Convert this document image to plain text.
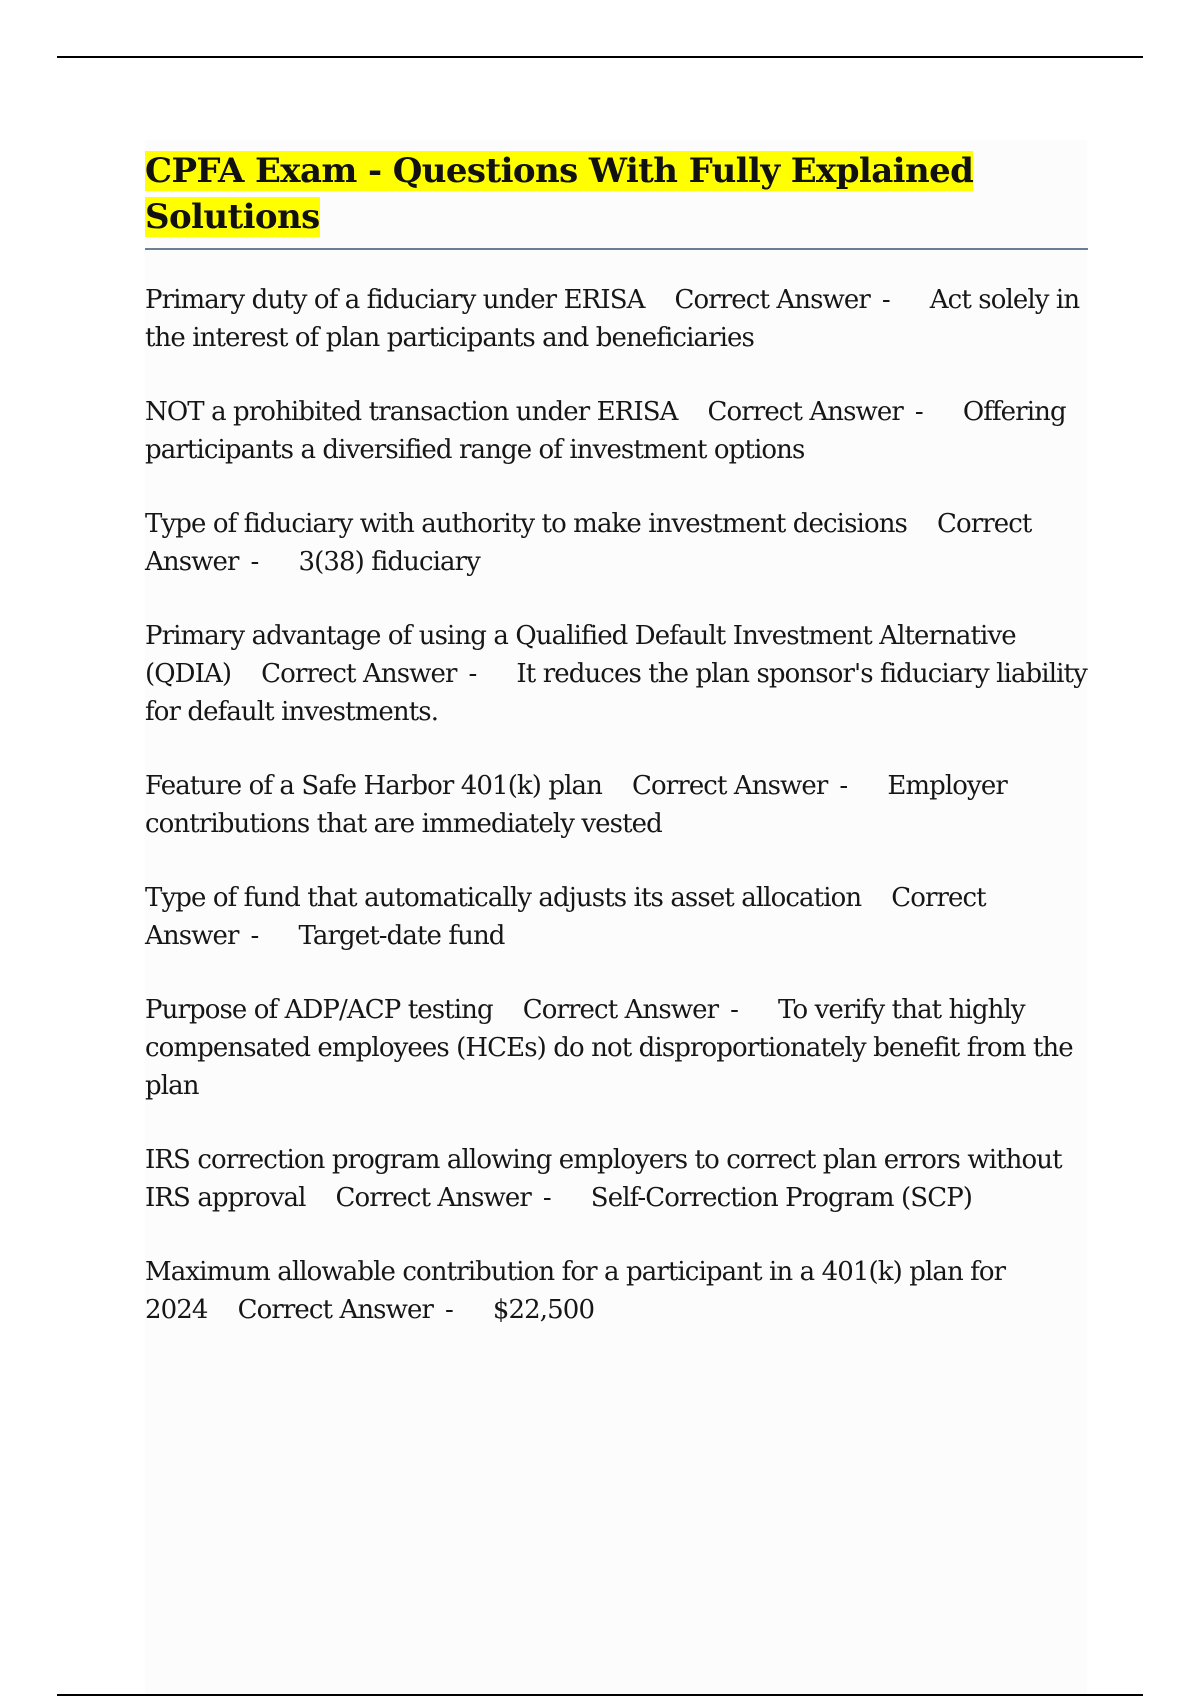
CPFA Exam - Questions With Fully Explained Solutions
Primary duty of a fiduciary under ERISA Correct Answer - Act solely in the interest of plan participants and beneficiaries
NOT a prohibited transaction under ERISA Correct Answer - Offering participants a diversified range of investment options
Type of fiduciary with authority to make investment decisions Correct Answer - 3(38) fiduciary
Primary advantage of using a Qualified Default Investment Alternative (QDIA) Correct Answer - It reduces the plan sponsor's fiduciary liability for default investments.
Feature of a Safe Harbor 401(k) plan Correct Answer - Employer contributions that are immediately vested
Type of fund that automatically adjusts its asset allocation Correct Answer - Target-date fund
Purpose of ADP/ACP testing Correct Answer - To verify that highly compensated employees (HCEs) do not disproportionately benefit from the plan
IRS correction program allowing employers to correct plan errors without IRS approval Correct Answer - Self-Correction Program (SCP)
Maximum allowable contribution for a participant in a 401(k) plan for 2024 Correct Answer - $22,500
